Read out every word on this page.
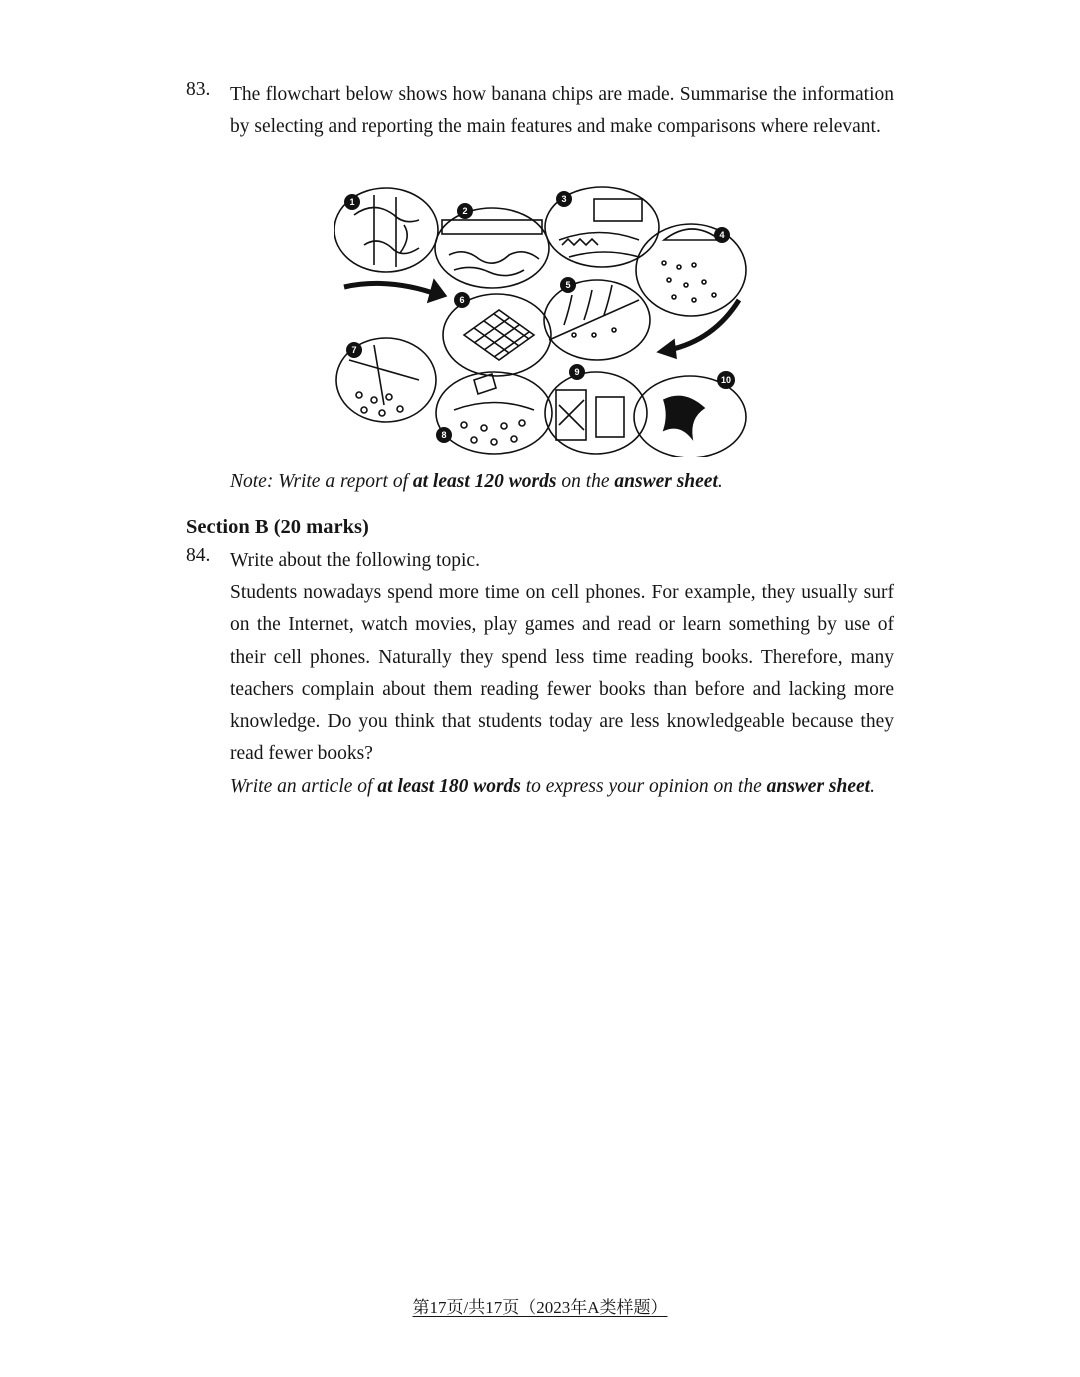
83. The flowchart below shows how banana chips are made. Summarise the information by selecting and reporting the main features and make comparisons where relevant.

1
2
3
4
5
6
7
8
9
10
Note: Write a report of at least 120 words on the answer sheet.
Section B (20 marks)
84. Write about the following topic.

Students nowadays spend more time on cell phones. For example, they usually surf on the Internet, watch movies, play games and read or learn something by use of their cell phones. Naturally they spend less time reading books. Therefore, many teachers complain about them reading fewer books than before and lacking more knowledge. Do you think that students today are less knowledgeable because they read fewer books?

Write an article of at least 180 words to express your opinion on the answer sheet.

第17页/共17页（2023年A类样题）
